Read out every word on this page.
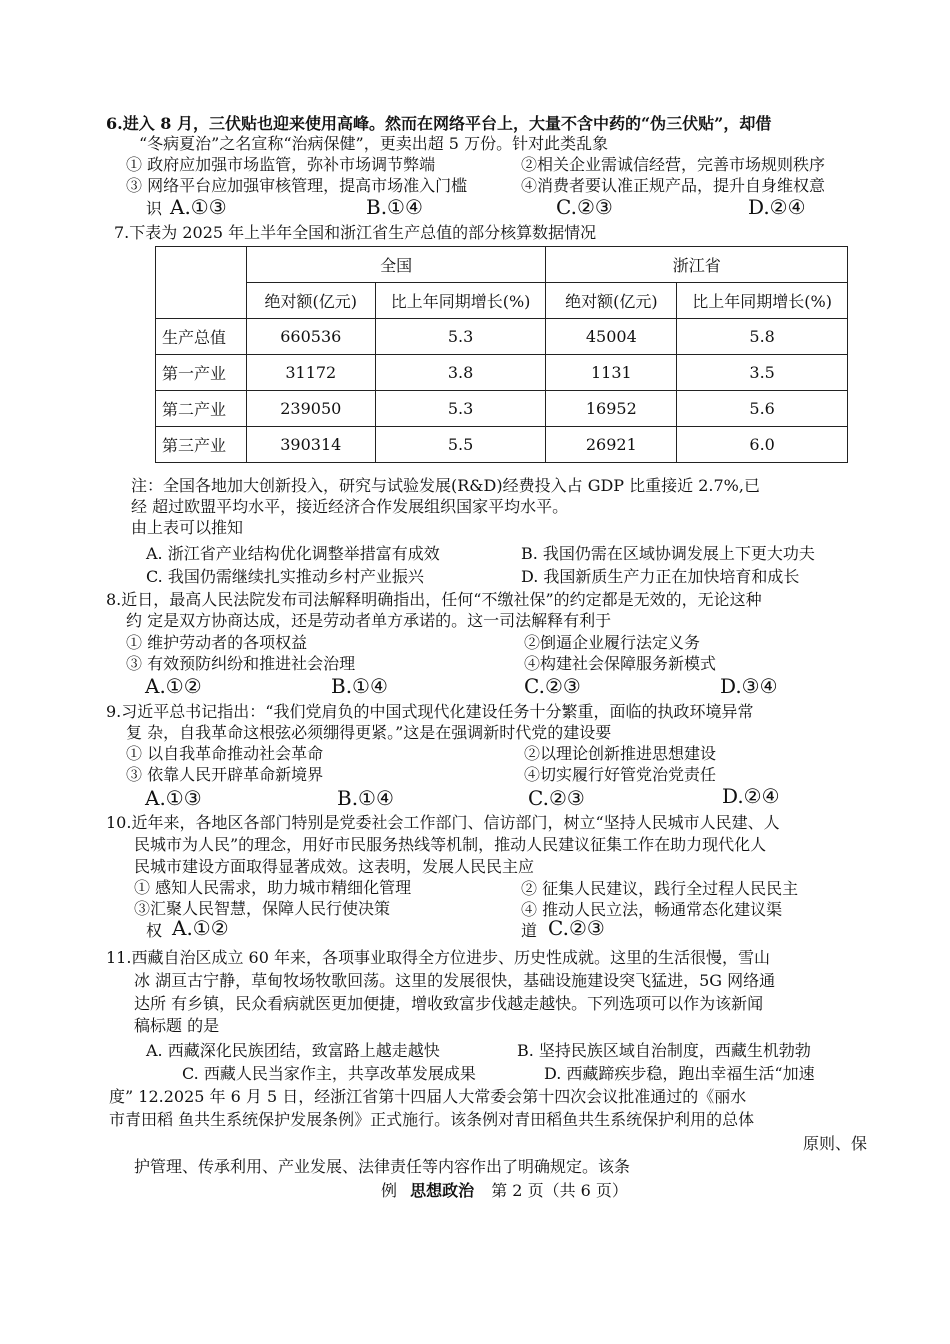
6.进入 8 月，三伏贴也迎来使用高峰。然而在网络平台上，大量不含中药的“伪三伏贴”，却借
“冬病夏治”之名宣称“治病保健”，更卖出超 5 万份。针对此类乱象
① 政府应加强市场监管，弥补市场调节弊端	②相关企业需诚信经营，完善市场规则秩序
③ 网络平台应加强审核管理，提高市场准入门槛	④消费者要认准正规产品，提升自身维权意
识 A.①③	B.①④	C.②③	D.②④
7.下表为 2025 年上半年全国和浙江省生产总值的部分核算数据情况
	全国		浙江省	
	绝对额(亿元)	比上年同期增长(%)	绝对额(亿元)	比上年同期增长(%)
生产总值	660536	5.3	45004	5.8
第一产业	31172	3.8	1131	3.5
第二产业	239050	5.3	16952	5.6
第三产业	390314	5.5	26921	6.0
注：全国各地加大创新投入，研究与试验发展(R&D)经费投入占 GDP 比重接近 2.7%,已
经 超过欧盟平均水平，接近经济合作发展组织国家平均水平。
由上表可以推知
A. 浙江省产业结构优化调整举措富有成效	B. 我国仍需在区域协调发展上下更大功夫
C. 我国仍需继续扎实推动乡村产业振兴	D. 我国新质生产力正在加快培育和成长
8.近日，最高人民法院发布司法解释明确指出，任何“不缴社保”的约定都是无效的，无论这种
约 定是双方协商达成，还是劳动者单方承诺的。这一司法解释有利于
① 维护劳动者的各项权益	②倒逼企业履行法定义务
③ 有效预防纠纷和推进社会治理	④构建社会保障服务新模式
A.①②	B.①④	C.②③	D.③④
9.习近平总书记指出：“我们党肩负的中国式现代化建设任务十分繁重，面临的执政环境异常
复 杂，自我革命这根弦必须绷得更紧。”这是在强调新时代党的建设要
① 以自我革命推动社会革命	②以理论创新推进思想建设
③ 依靠人民开辟革命新境界	④切实履行好管党治党责任
A.①③	B.①④	C.②③	D.②④
10.近年来，各地区各部门特别是党委社会工作部门、信访部门，树立“坚持人民城市人民建、人
民城市为人民”的理念，用好市民服务热线等机制，推动人民建议征集工作在助力现代化人
民城市建设方面取得显著成效。这表明，发展人民民主应
① 感知人民需求，助力城市精细化管理	② 征集人民建议，践行全过程人民民主
③汇聚人民智慧，保障人民行使决策	④ 推动人民立法，畅通常态化建议渠
权 A.①②	道 C.②③
11.西藏自治区成立 60 年来，各项事业取得全方位进步、历史性成就。这里的生活很慢，雪山
冰 湖亘古宁静，草甸牧场牧歌回荡。这里的发展很快，基础设施建设突飞猛进，5G 网络通
达所 有乡镇，民众看病就医更加便捷，增收致富步伐越走越快。下列选项可以作为该新闻
稿标题 的是
A. 西藏深化民族团结，致富路上越走越快	B. 坚持民族区域自治制度，西藏生机勃勃
C. 西藏人民当家作主，共享改革发展成果	D. 西藏蹄疾步稳，跑出幸福生活“加速
度” 12.2025 年 6 月 5 日，经浙江省第十四届人大常委会第十四次会议批准通过的《丽水
市青田稻 鱼共生系统保护发展条例》正式施行。该条例对青田稻鱼共生系统保护利用的总体
原则、保
护管理、传承利用、产业发展、法律责任等内容作出了明确规定。该条
例 思想政治 第 2 页（共 6 页）
